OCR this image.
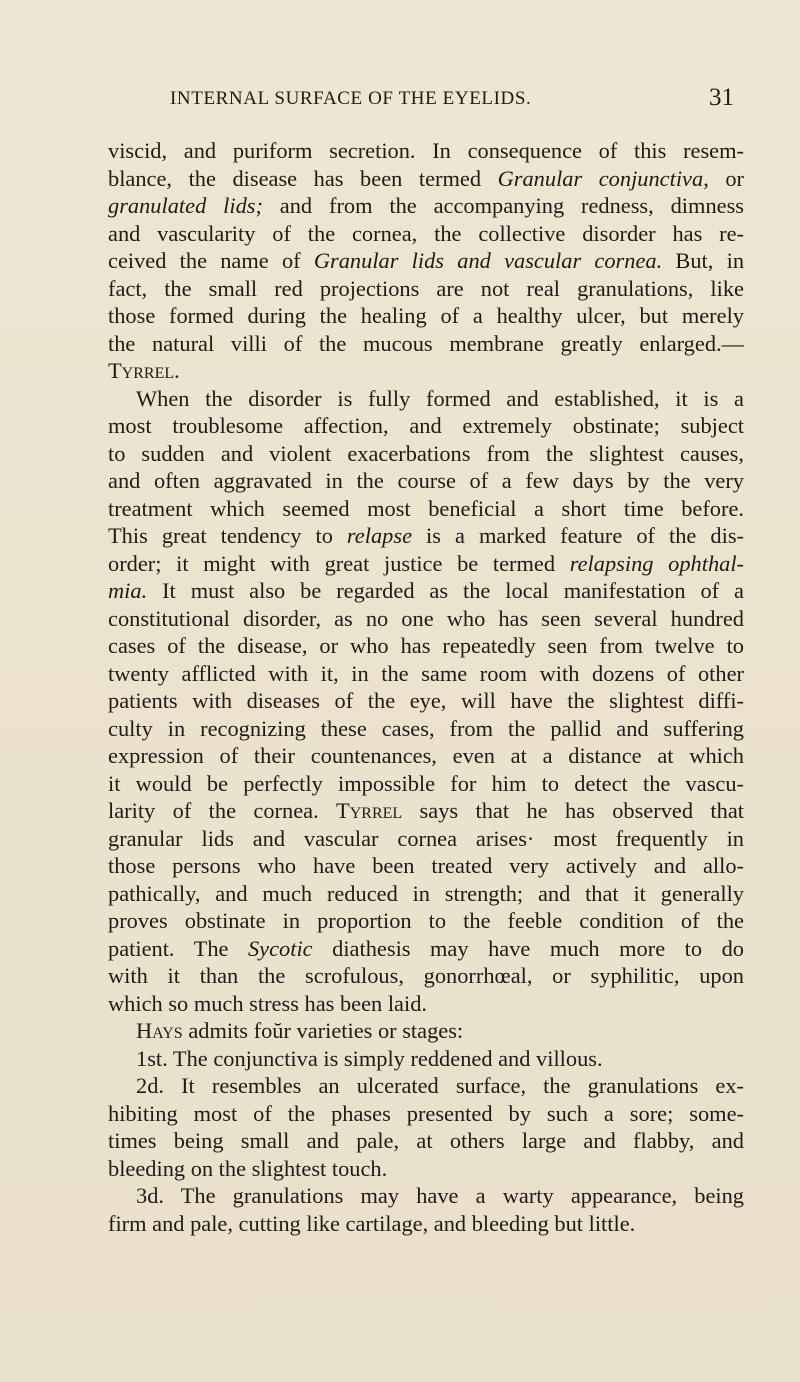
INTERNAL SURFACE OF THE EYELIDS.	31
viscid, and puriform secretion. In consequence of this resem-
blance, the disease has been termed Granular conjunctiva, or
granulated lids; and from the accompanying redness, dimness
and vascularity of the cornea, the collective disorder has re-
ceived the name of Granular lids and vascular cornea. But, in
fact, the small red projections are not real granulations, like
those formed during the healing of a healthy ulcer, but merely
the natural villi of the mucous membrane greatly enlarged.—
Tyrrel.
When the disorder is fully formed and established, it is a
most troublesome affection, and extremely obstinate; subject
to sudden and violent exacerbations from the slightest causes,
and often aggravated in the course of a few days by the very
treatment which seemed most beneficial a short time before.
This great tendency to relapse is a marked feature of the dis-
order; it might with great justice be termed relapsing ophthal-
mia. It must also be regarded as the local manifestation of a
constitutional disorder, as no one who has seen several hundred
cases of the disease, or who has repeatedly seen from twelve to
twenty afflicted with it, in the same room with dozens of other
patients with diseases of the eye, will have the slightest diffi-
culty in recognizing these cases, from the pallid and suffering
expression of their countenances, even at a distance at which
it would be perfectly impossible for him to detect the vascu-
larity of the cornea. Tyrrel says that he has observed that
granular lids and vascular cornea arises· most frequently in
those persons who have been treated very actively and allo-
pathically, and much reduced in strength; and that it generally
proves obstinate in proportion to the feeble condition of the
patient. The Sycotic diathesis may have much more to do
with it than the scrofulous, gonorrhœal, or syphilitic, upon
which so much stress has been laid.
Hays admits foŭr varieties or stages:
1st. The conjunctiva is simply reddened and villous.
2d. It resembles an ulcerated surface, the granulations ex-
hibiting most of the phases presented by such a sore; some-
times being small and pale, at others large and flabby, and
bleeding on the slightest touch.
3d. The granulations may have a warty appearance, being
firm and pale, cutting like cartilage, and bleeding but little.
